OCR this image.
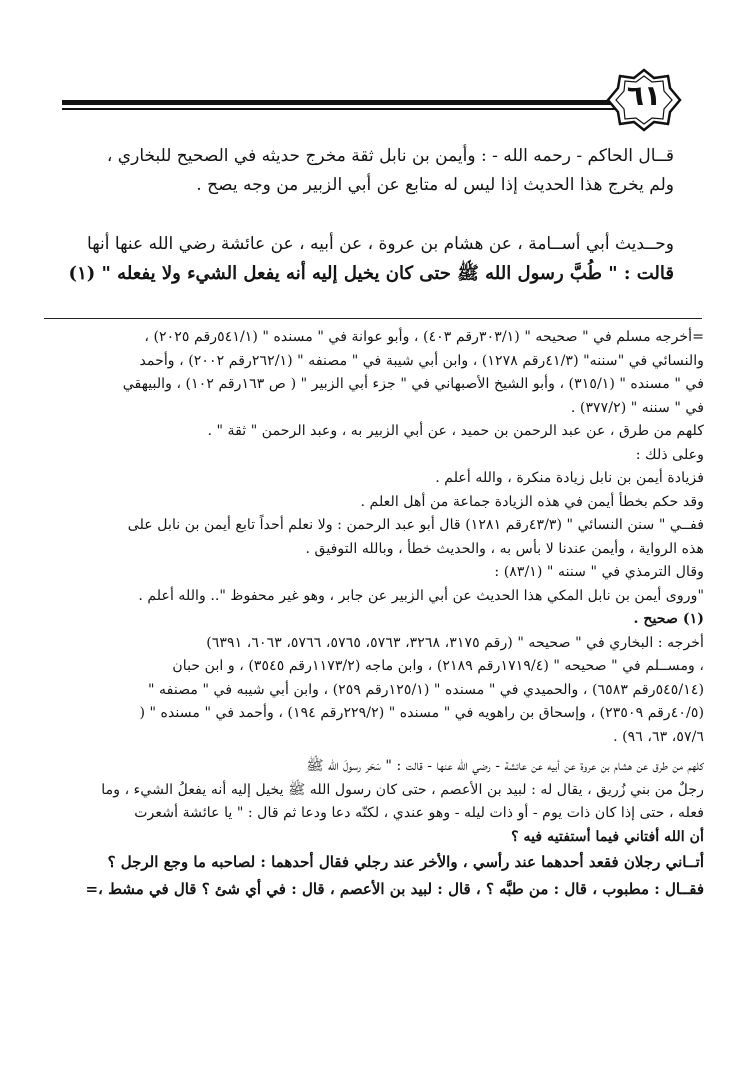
٦١

قــال الحاكم - رحمه الله - : وأيمن بن نابل ثقة مخرج حديثه في الصحيح للبخاري ،

ولم يخرج هذا الحديث إذا ليس له متابع عن أبي الزبير من وجه يصح .

وحــديث أبي أســامة ، عن هشام بن عروة ، عن أبيه ، عن عائشة رضي الله عنها أنها

قالت : " طُبَّ رسول الله ﷺ حتى كان يخيل إليه أنه يفعل الشيء ولا يفعله " (١)

=أخرجه مسلم في " صحيحه " (٣٠٣/١رقم ٤٠٣) ، وأبو عوانة في " مسنده " (٥٤١/١رقم ٢٠٢٥) ،

والنسائي في "سننه" (٤١/٣رقم ١٢٧٨) ، وابن أبي شيبة في " مصنفه " (٢٦٢/١رقم ٢٠٠٢) ، وأحمد

في " مسنده " (٣١٥/١) ، وأبو الشيخ الأصبهاني في " جزء أبي الزبير " ( ص ١٦٣رقم ١٠٢) ، والبيهقي

في " سننه " (٣٧٧/٢) .

كلهم من طرق ، عن عبد الرحمن بن حميد ، عن أبي الزبير به ، وعبد الرحمن " ثقة " .

وعلى ذلك :

فزيادة أيمن بن نابل زيادة منكرة ، والله أعلم .

وقد حكم بخطأ أيمن في هذه الزيادة جماعة من أهل العلم .

ففــي " سنن النسائي " (٤٣/٣رقم ١٢٨١) قال أبو عبد الرحمن : ولا نعلم أحداً تابع أيمن بن نابل على

هذه الرواية ، وأيمن عندنا لا بأس به ، والحديث خطأ ، وبالله التوفيق .

وقال الترمذي في " سننه " (٨٣/١) :

"وروى أيمن بن نابل المكي هذا الحديث عن أبي الزبير عن جابر ، وهو غير محفوظ ".. والله أعلم .

(١) صحيح .

أخرجه : البخاري في " صحيحه " (رقم ٣١٧٥، ٣٢٦٨، ٥٧٦٣، ٥٧٦٥، ٥٧٦٦، ٦٠٦٣، ٦٣٩١)

، ومســلم في " صحيحه " (١٧١٩/٤رقم ٢١٨٩) ، وابن ماجه (١١٧٣/٢رقم ٣٥٤٥) ، و ابن حبان

(٥٤٥/١٤رقم ٦٥٨٣) ، والحميدي في " مسنده " (١٢٥/١رقم ٢٥٩) ، وابن أبي شيبه في " مصنفه "

(٤٠/٥رقم ٢٣٥٠٩) ، وإسحاق بن راهويه في " مسنده " (٢٢٩/٢رقم ١٩٤) ، وأحمد في " مسنده " (

٥٧/٦، ٦٣، ٩٦) .

كلهم من طرق عن هشام بن عروة عن أبيه عن عائشة - رضي الله عنها - قالت : " سَحَر رسولَ الله ﷺ

رجلٌ من بني زُريق ، يقال له : لبيد بن الأعصم ، حتى كان رسول الله ﷺ يخيل إليه أنه يفعلُ الشيء ، وما

فعله ، حتى إذا كان ذات يوم - أو ذات ليله - وهو عندي ، لكنّه دعا ودعا ثم قال : " يا عائشة أشعرت

أن الله أفتاني فيما أستفتيه فيه ؟

أتــاني رجلان فقعد أحدهما عند رأسي ، والأخر عند رجلي فقال أحدهما : لصاحبه ما وجع الرجل ؟

فقــال : مطبوب ، قال : من طبَّه ؟ ، قال : لبيد بن الأعصم ، قال : في أي شئ ؟ قال في مشط ،=
